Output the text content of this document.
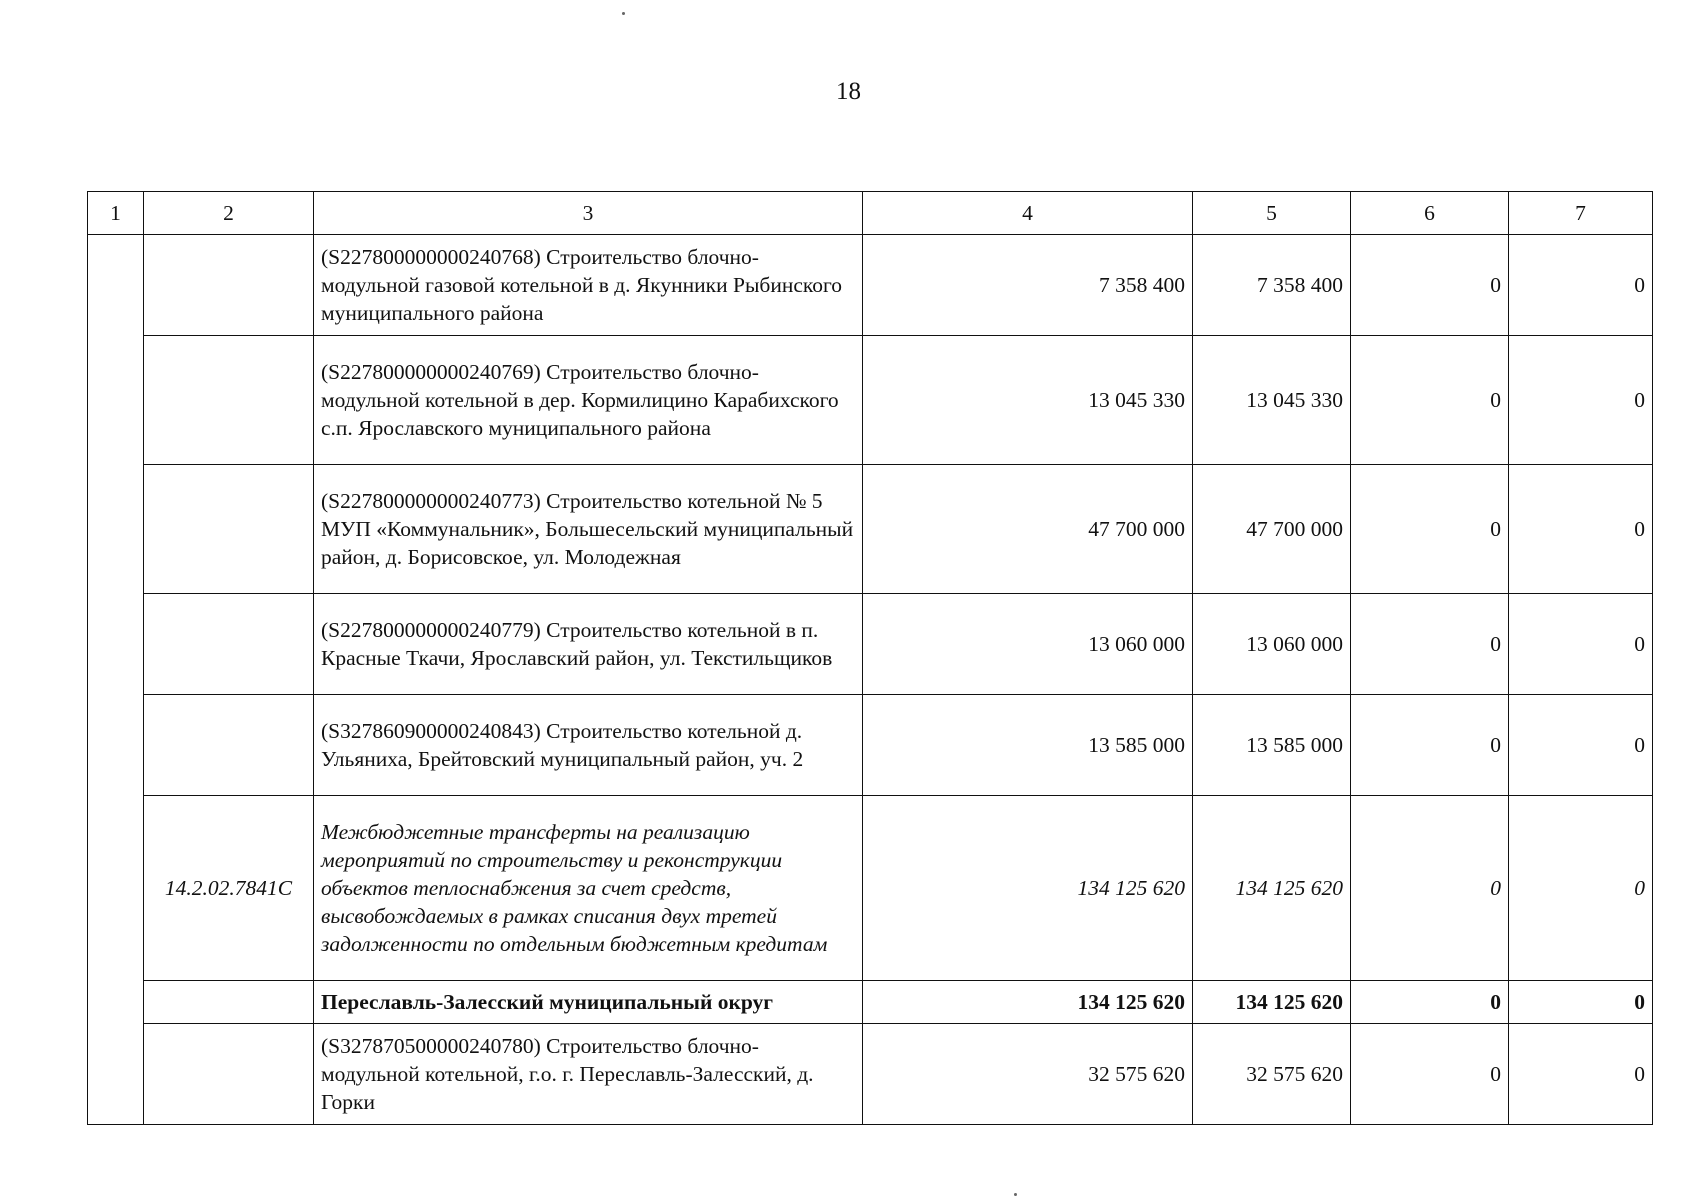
18
1	2	3	4	5	6	7
		(S227800000000240768) Строительство блочно-модульной газовой котельной в д. Якунники Рыбинского муниципального района	7 358 400	7 358 400	0	0
		(S227800000000240769) Строительство блочно-модульной котельной в дер. Кормилицино Карабихского с.п. Ярославского муниципального района	13 045 330	13 045 330	0	0
		(S227800000000240773) Строительство котельной № 5 МУП «Коммунальник», Большесельский муниципальный район, д. Борисовское, ул. Молодежная	47 700 000	47 700 000	0	0
		(S227800000000240779) Строительство котельной в п. Красные Ткачи, Ярославский район, ул. Текстильщиков	13 060 000	13 060 000	0	0
		(S327860900000240843) Строительство котельной д. Ульяниха, Брейтовский муниципальный район, уч. 2	13 585 000	13 585 000	0	0
	14.2.02.7841С	Межбюджетные трансферты на реализацию мероприятий по строительству и реконструкции объектов теплоснабжения за счет средств, высвобождаемых в рамках списания двух третей задолженности по отдельным бюджетным кредитам	134 125 620	134 125 620	0	0
		Переславль-Залесский муниципальный округ	134 125 620	134 125 620	0	0
		(S327870500000240780) Строительство блочно-модульной котельной, г.о. г. Переславль-Залесский, д. Горки	32 575 620	32 575 620	0	0
